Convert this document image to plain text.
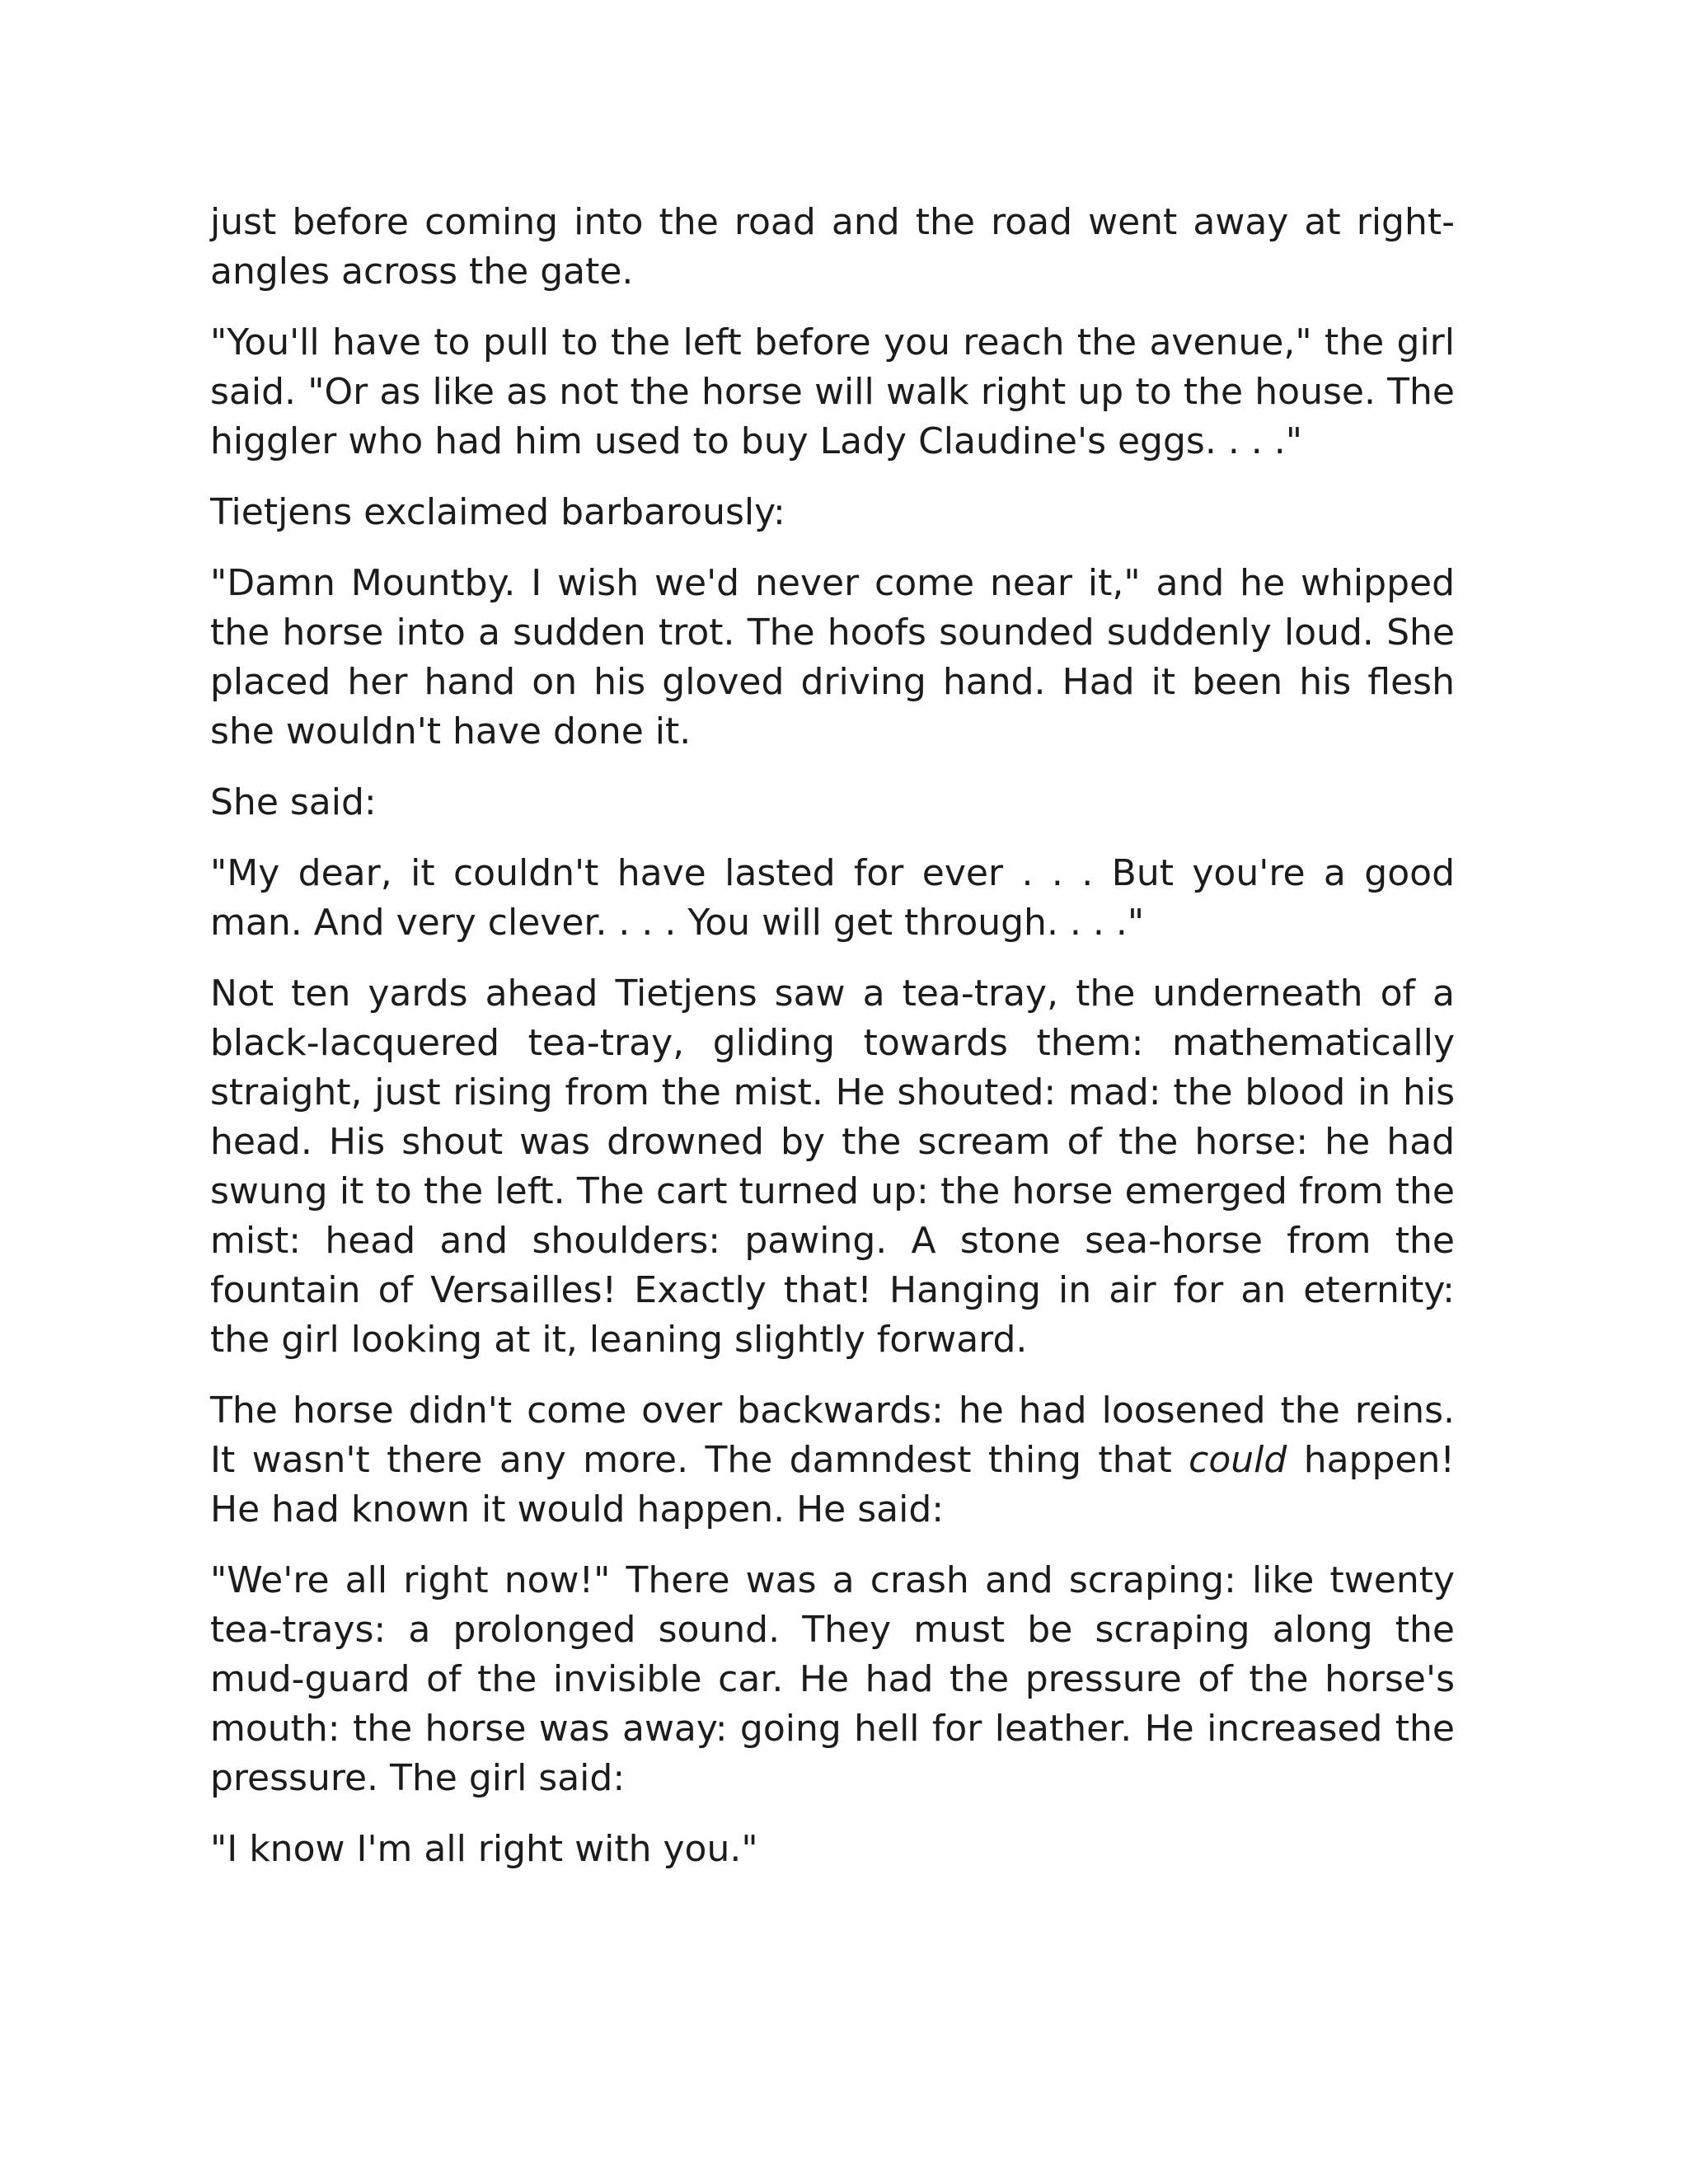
just before coming into the road and the road went away at right-angles across the gate.

"You'll have to pull to the left before you reach the avenue," the girl said. "Or as like as not the horse will walk right up to the house. The higgler who had him used to buy Lady Claudine's eggs. . . ."

Tietjens exclaimed barbarously:

"Damn Mountby. I wish we'd never come near it," and he whipped the horse into a sudden trot. The hoofs sounded suddenly loud. She placed her hand on his gloved driving hand. Had it been his flesh she wouldn't have done it.

She said:

"My dear, it couldn't have lasted for ever . . . But you're a good man. And very clever. . . . You will get through. . . ."

Not ten yards ahead Tietjens saw a tea-tray, the underneath of a black-lacquered tea-tray, gliding towards them: mathematically straight, just rising from the mist. He shouted: mad: the blood in his head. His shout was drowned by the scream of the horse: he had swung it to the left. The cart turned up: the horse emerged from the mist: head and shoulders: pawing. A stone sea-horse from the fountain of Versailles! Exactly that! Hanging in air for an eternity: the girl looking at it, leaning slightly forward.

The horse didn't come over backwards: he had loosened the reins. It wasn't there any more. The damndest thing that could happen! He had known it would happen. He said:

"We're all right now!" There was a crash and scraping: like twenty tea-trays: a prolonged sound. They must be scraping along the mud-guard of the invisible car. He had the pressure of the horse's mouth: the horse was away: going hell for leather. He increased the pressure. The girl said:

"I know I'm all right with you."
